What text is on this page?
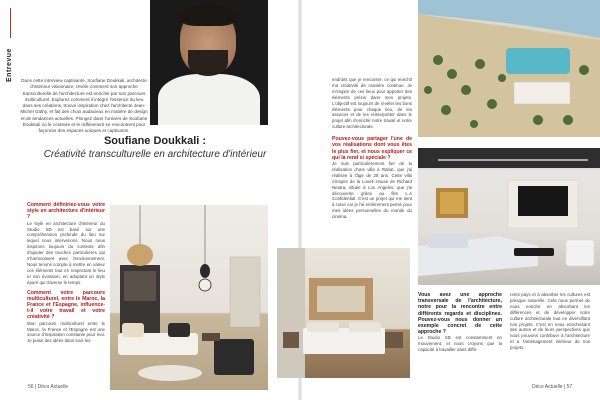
Entrevue	Dans cette interview captivante, Soufiane Doukkali, architecte d'intérieur visionnaire, révèle comment son approche transculturelle de l'architecture est enrichie par son parcours multiculturel. Explorez comment il intègre l'essence du lieu dans ses créations, trouve inspiration chez l'architecte Jean-Michel Gathy, et fait des choix audacieux en matière de design et de tendances actuelles. Plongez dans l'univers de Soufiane Doukkali où le contexte et le raffinement se rencontrent pour façonner des espaces uniques et captivants.
Comment définiriez-vous votre style en architecture d'intérieur ?
Le style en architecture d'intérieur du Studio SD est basé sur une compréhension profonde du lieu sur lequel nous intervenons. Nous nous inspirons toujours du contexte afin d'ajouter des touches particulières qui s'harmonisent avec l'environnement. Nous tenons compte à mettre en valeur ces éléments tout en respectant le lieu et son évolution, en adoptant un style épuré qui traverse le temps.
Comment votre parcours multiculturel, entre le Maroc, la France et l'Espagne, influence-t-il votre travail et votre créativité ?
Mon parcours multiculturel entre le Maroc, la France et l'Espagne est une source d'inspiration constante pour moi. Je puise des idées dans tous les
56 | Déco Actuelle	Déco Actuelle | 57
Soufiane Doukkali :
Créativité transculturelle en architecture d'intérieur
endroits que je rencontre, ce qui enrichit ma créativité de manière continue. Je m'inspire de ces lieux pour apporter des éléments précis dans mes projets. L'objectif est toujours de révéler les bons éléments pour chaque lieu, de les associer et de les réinterpréter dans le projet afin d'enrichir notre travail et notre culture architecturale.
Pouvez-vous partager l'une de vos réalisations dont vous êtes le plus fier, et nous expliquer ce qui la rend si spéciale ?
Je suis particulièrement fier de la réalisation d'une villa à Rabat, que j'ai réalisée à l'âge de 28 ans. Cette villa s'inspire de la Lovell House de Richard Neutra, située à Los Angeles, que j'ai découverte grâce au film L.A Confidential. C'est un projet qui me tient à cœur car je l'ai entièrement pensé pour mes idées personnelles du monde du cinéma.
Vous avez une approche transversale de l'architecture, notre pour la rencontre entre différents regards et disciplines. Pouvez-vous nous donner un exemple concret de cette approche ?
Le Studio SD est constamment en mouvement, et nous croyons que la capacité à travailler dans diffé-
rents pays et à absorber les cultures est presque naturelle. Cela nous permet de nous enrichir en absorbant les différences et de développer notre culture architecturale tout en diversifiant nos projets. C'est en nous enrichissant des autres et de leurs perspectives que nous pouvons contribuer à l'architecture et à l'aménagement intérieur de nos projets.
